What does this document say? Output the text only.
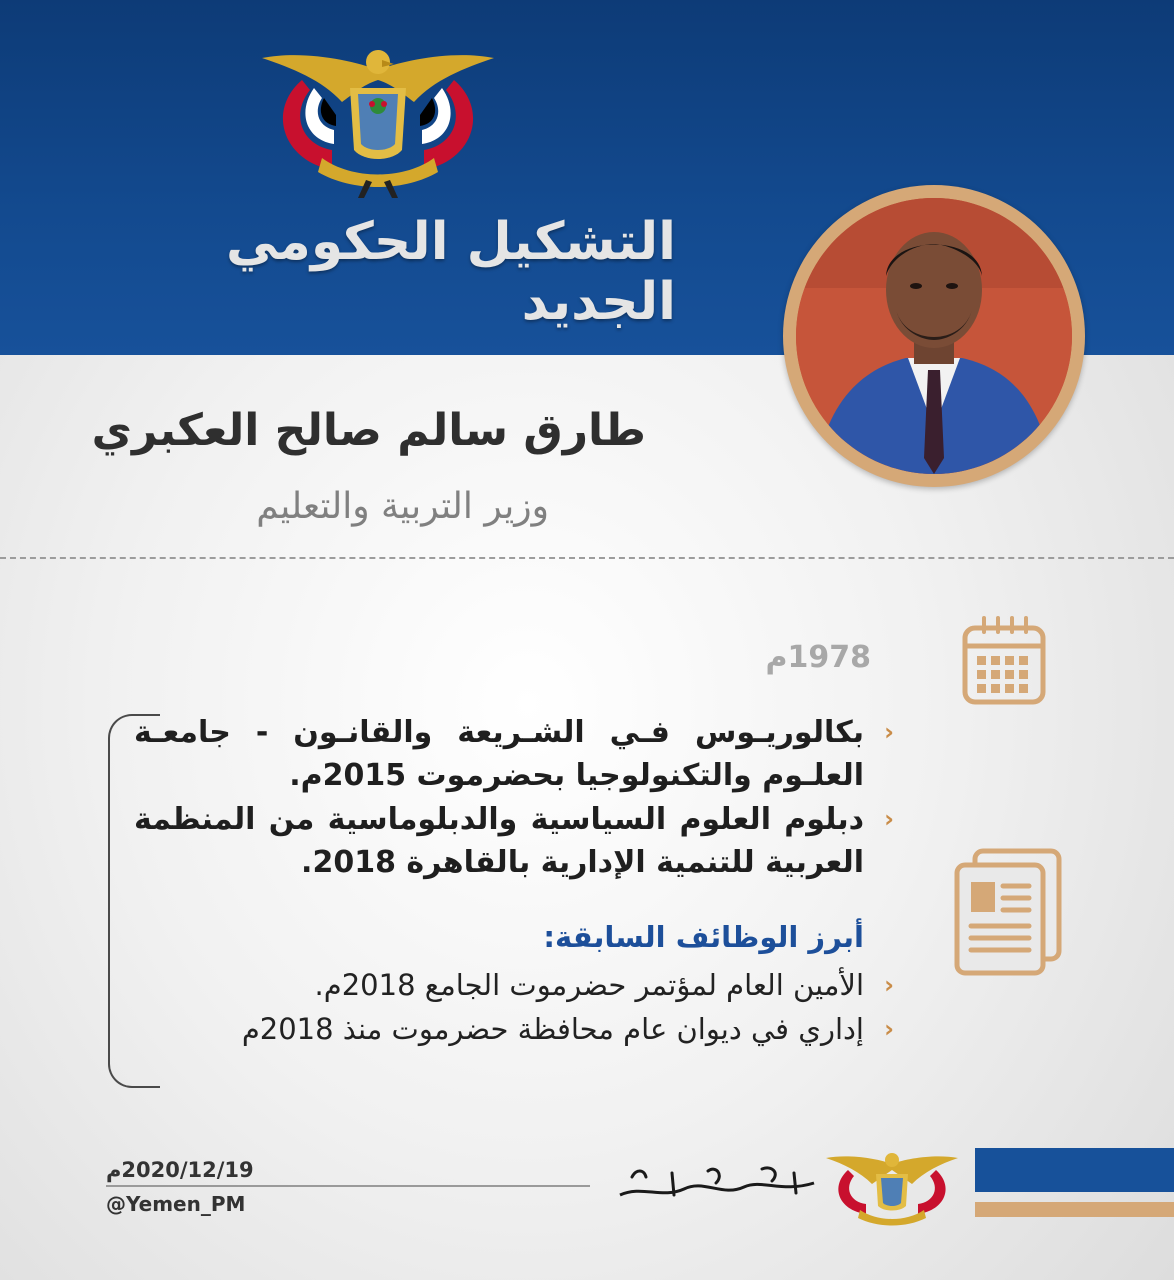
التشكيل الحكومي الجديد
طارق سالم صالح العكبري
وزير التربية والتعليم
1978م
‹
بكالوريـوس فـي الشـريعة والقانـون - جامعـة العلـوم والتكنولوجيا بحضرموت 2015م.
‹
دبلوم العلوم السياسية والدبلوماسية من المنظمة العربية للتنمية الإدارية بالقاهرة 2018.
أبرز الوظائف السابقة:
‹
الأمين العام لمؤتمر حضرموت الجامع 2018م.
‹
إداري في ديوان عام محافظة حضرموت منذ 2018م
2020/12/19م
@Yemen_PM
